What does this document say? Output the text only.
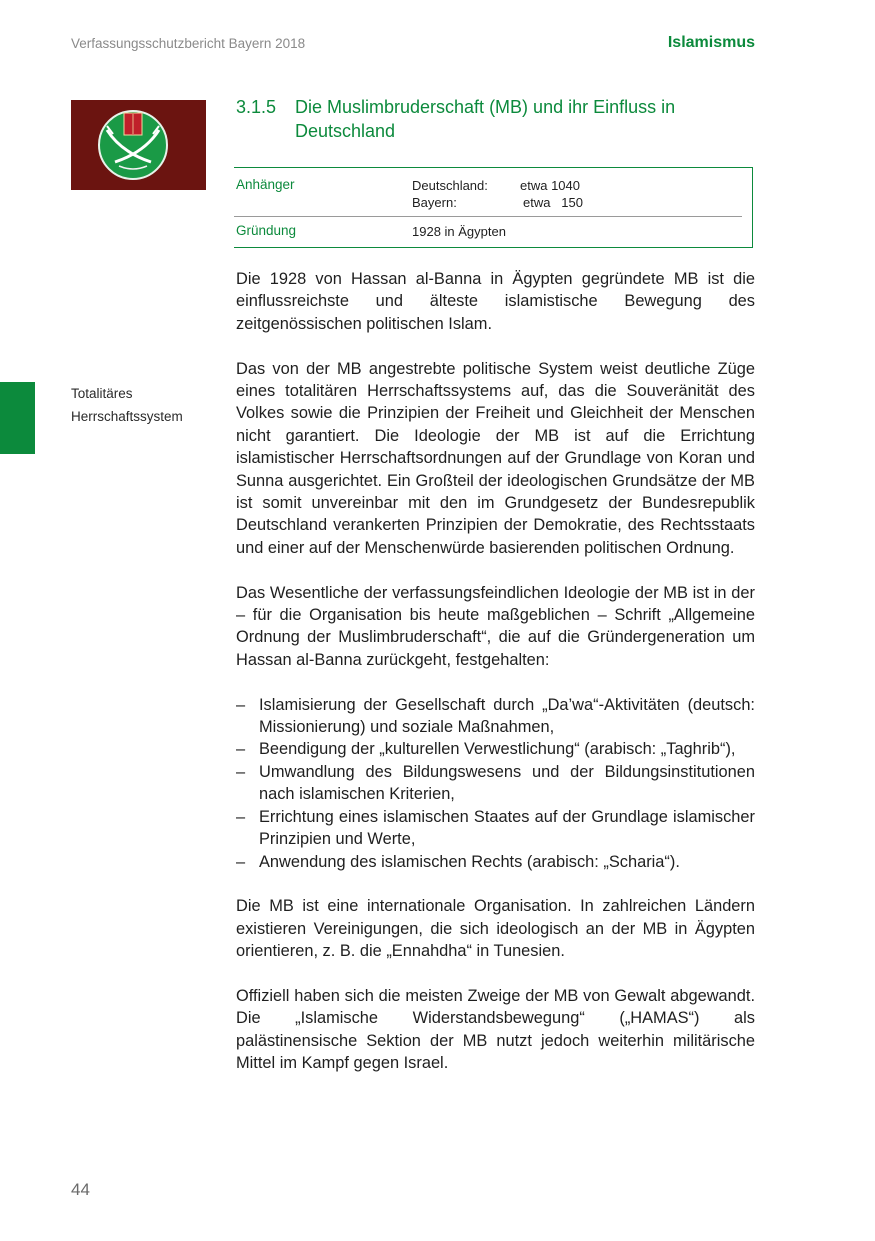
Verfassungsschutzbericht Bayern 2018	Islamismus
3.1.5 Die Muslimbruderschaft (MB) und ihr Einfluss in Deutschland
Anhänger	Deutschland: etwa 1040
Bayern:	etwa   150
Gründung	1928 in Ägypten
Totalitäres
Herrschaftssystem

Die 1928 von Hassan al-Banna in Ägypten gegründete MB ist die einflussreichste und älteste islamistische Bewegung des zeitgenössischen politischen Islam.

Das von der MB angestrebte politische System weist deutliche Züge eines totalitären Herrschaftssystems auf, das die Souveränität des Volkes sowie die Prinzipien der Freiheit und Gleichheit der Menschen nicht garantiert. Die Ideologie der MB ist auf die Errichtung islamistischer Herrschaftsordnungen auf der Grundlage von Koran und Sunna ausgerichtet. Ein Großteil der ideologischen Grundsätze der MB ist somit unvereinbar mit den im Grundgesetz der Bundesrepublik Deutschland verankerten Prinzipien der Demokratie, des Rechtsstaats und einer auf der Menschenwürde basierenden politischen Ordnung.

Das Wesentliche der verfassungsfeindlichen Ideologie der MB ist in der – für die Organisation bis heute maßgeblichen – Schrift „Allgemeine Ordnung der Muslimbruderschaft“, die auf die Gründergeneration um Hassan al-Banna zurückgeht, festgehalten:

– Islamisierung der Gesellschaft durch „Da’wa“-Aktivitäten (deutsch: Missionierung) und soziale Maßnahmen,
– Beendigung der „kulturellen Verwestlichung“ (arabisch: „Taghrib“),
– Umwandlung des Bildungswesens und der Bildungsinstitutionen nach islamischen Kriterien,
– Errichtung eines islamischen Staates auf der Grundlage islamischer Prinzipien und Werte,
– Anwendung des islamischen Rechts (arabisch: „Scharia“).

Die MB ist eine internationale Organisation. In zahlreichen Ländern existieren Vereinigungen, die sich ideologisch an der MB in Ägypten orientieren, z. B. die „Ennahdha“ in Tunesien.

Offiziell haben sich die meisten Zweige der MB von Gewalt abgewandt. Die „Islamische Widerstandsbewegung“ („HAMAS“) als palästinensische Sektion der MB nutzt jedoch weiterhin militärische Mittel im Kampf gegen Israel.

44
